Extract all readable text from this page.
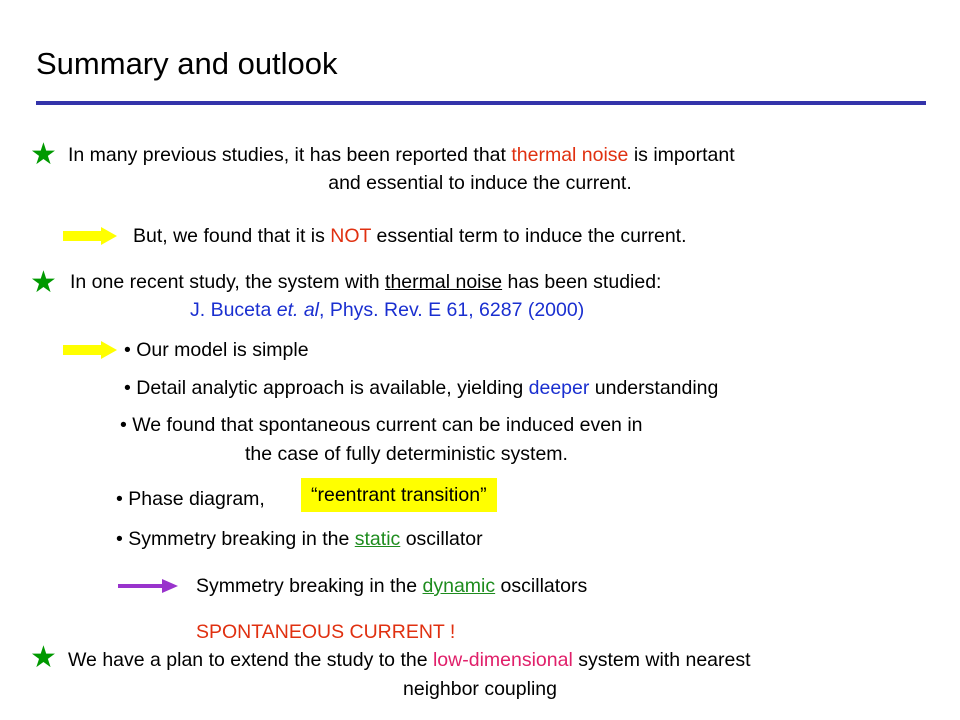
Summary and outlook
★ In many previous studies, it has been reported that thermal noise is important
and essential to induce the current.
But, we found that it is NOT essential term to induce the current.
★ In one recent study, the system with thermal noise has been studied:
J. Buceta et. al, Phys. Rev. E 61, 6287 (2000)
• Our model is simple
• Detail analytic approach is available, yielding deeper understanding
• We found that spontaneous current can be induced even in
the case of fully deterministic system.
• Phase diagram,	“reentrant transition”
• Symmetry breaking in the static oscillator
Symmetry breaking in the dynamic oscillators
SPONTANEOUS CURRENT !
★ We have a plan to extend the study to the low-dimensional system with nearest
neighbor coupling
